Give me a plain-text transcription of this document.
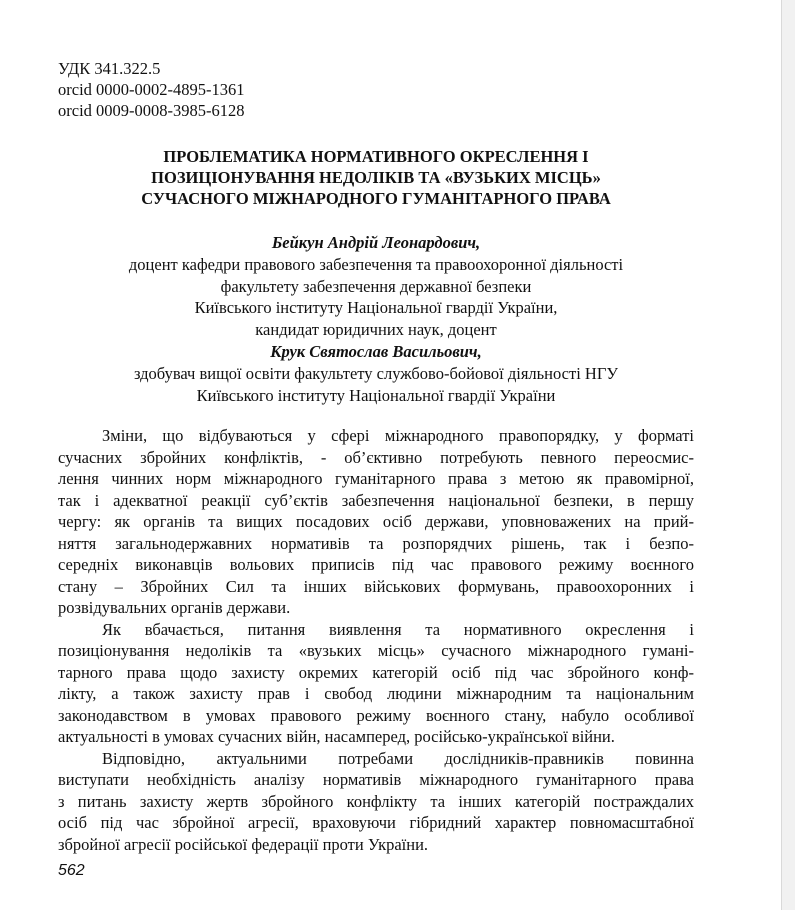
УДК 341.322.5
orcid 0000-0002-4895-1361
orcid 0009-0008-3985-6128
ПРОБЛЕМАТИКА НОРМАТИВНОГО ОКРЕСЛЕННЯ І
ПОЗИЦІОНУВАННЯ НЕДОЛІКІВ ТА «ВУЗЬКИХ МІСЦЬ»
СУЧАСНОГО МІЖНАРОДНОГО ГУМАНІТАРНОГО ПРАВА
Бейкун Андрій Леонардович,
доцент кафедри правового забезпечення та правоохоронної діяльності
факультету забезпечення державної безпеки
Київського інституту Національної гвардії України,
кандидат юридичних наук, доцент
Крук Святослав Васильович,
здобувач вищої освіти факультету службово-бойової діяльності НГУ
Київського інституту Національної гвардії України
Зміни, що відбуваються у сфері міжнародного правопорядку, у форматі
сучасних збройних конфліктів, - об’єктивно потребують певного переосмис-
лення чинних норм міжнародного гуманітарного права з метою як правомірної,
так і адекватної реакції суб’єктів забезпечення національної безпеки, в першу
чергу: як органів та вищих посадових осіб держави, уповноважених на прий-
няття загальнодержавних нормативів та розпорядчих рішень, так і безпо-
середніх виконавців вольових приписів під час правового режиму воєнного
стану – Збройних Сил та інших військових формувань, правоохоронних і
розвідувальних органів держави.
Як вбачається, питання виявлення та нормативного окреслення і
позиціонування недоліків та «вузьких місць» сучасного міжнародного гумані-
тарного права щодо захисту окремих категорій осіб під час збройного конф-
лікту, а також захисту прав і свобод людини міжнародним та національним
законодавством в умовах правового режиму воєнного стану, набуло особливої
актуальності в умовах сучасних війн, насамперед, російсько-української війни.
Відповідно, актуальними потребами дослідників-правників повинна
виступати необхідність аналізу нормативів міжнародного гуманітарного права
з питань захисту жертв збройного конфлікту та інших категорій постраждалих
осіб під час збройної агресії, враховуючи гібридний характер повномасштабної
збройної агресії російської федерації проти України.
562
